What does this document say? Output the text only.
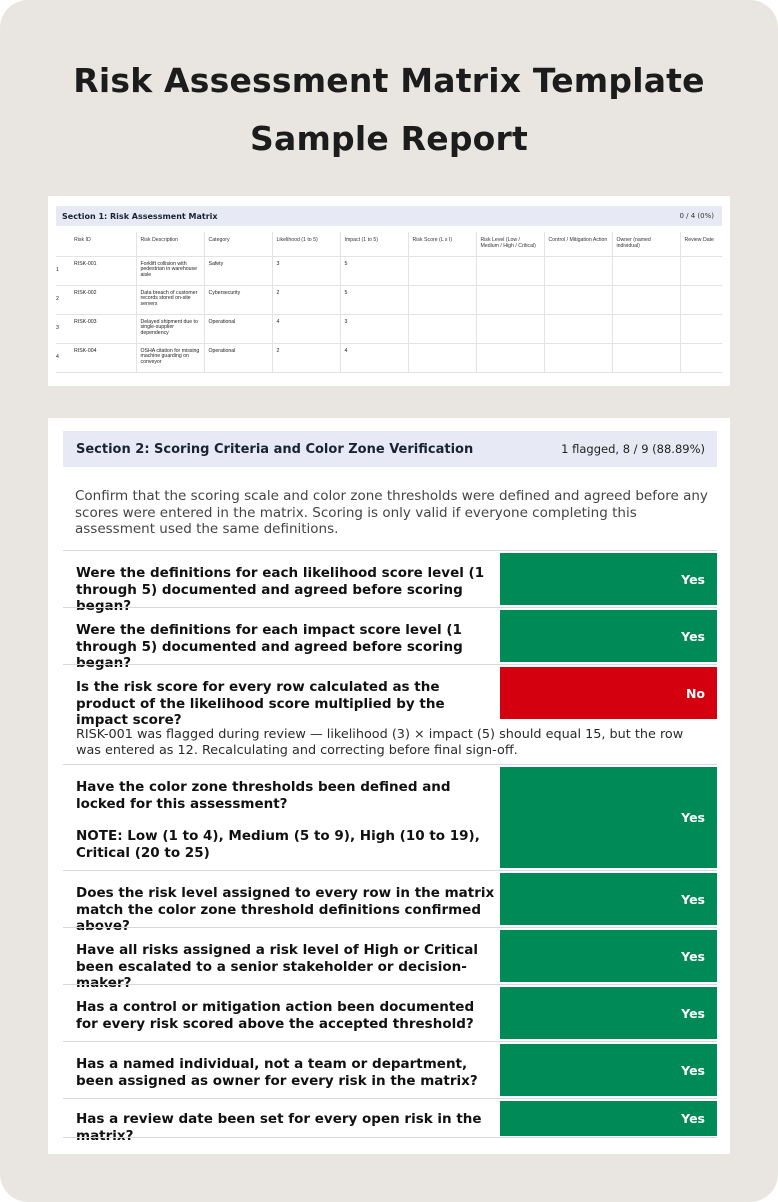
Risk Assessment Matrix Template
Sample Report
Section 1: Risk Assessment Matrix	0 / 4 (0%)
	Risk ID	Risk Description	Category	Likelihood (1 to 5)	Impact (1 to 5)	Risk Score (L x I)	Risk Level (Low / Medium / High / Critical)	Control / Mitigation Action	Owner (named individual)	Review Date
1	RISK-001	Forklift collision with pedestrian in warehouse aisle	Safety	3	5					
2	RISK-002	Data breach of customer records stored on-site servers	Cybersecurity	2	5					
3	RISK-003	Delayed shipment due to single-supplier dependency	Operational	4	3					
4	RISK-004	OSHA citation for missing machine guarding on conveyor	Operational	2	4					
Section 2: Scoring Criteria and Color Zone Verification	1 flagged, 8 / 9 (88.89%)
Confirm that the scoring scale and color zone thresholds were defined and agreed before any scores were entered in the matrix. Scoring is only valid if everyone completing this assessment used the same definitions.
Were the definitions for each likelihood score level (1 through 5) documented and agreed before scoring began?
Yes
Were the definitions for each impact score level (1 through 5) documented and agreed before scoring began?
Yes
Is the risk score for every row calculated as the product of the likelihood score multiplied by the impact score?
No
RISK-001 was flagged during review — likelihood (3) × impact (5) should equal 15, but the row was entered as 12. Recalculating and correcting before final sign-off.
Have the color zone thresholds been defined and locked for this assessment?
NOTE: Low (1 to 4), Medium (5 to 9), High (10 to 19), Critical (20 to 25)
Yes
Does the risk level assigned to every row in the matrix match the color zone threshold definitions confirmed above?
Yes
Have all risks assigned a risk level of High or Critical been escalated to a senior stakeholder or decision-maker?
Yes
Has a control or mitigation action been documented for every risk scored above the accepted threshold?
Yes
Has a named individual, not a team or department, been assigned as owner for every risk in the matrix?
Yes
Has a review date been set for every open risk in the matrix?
Yes
